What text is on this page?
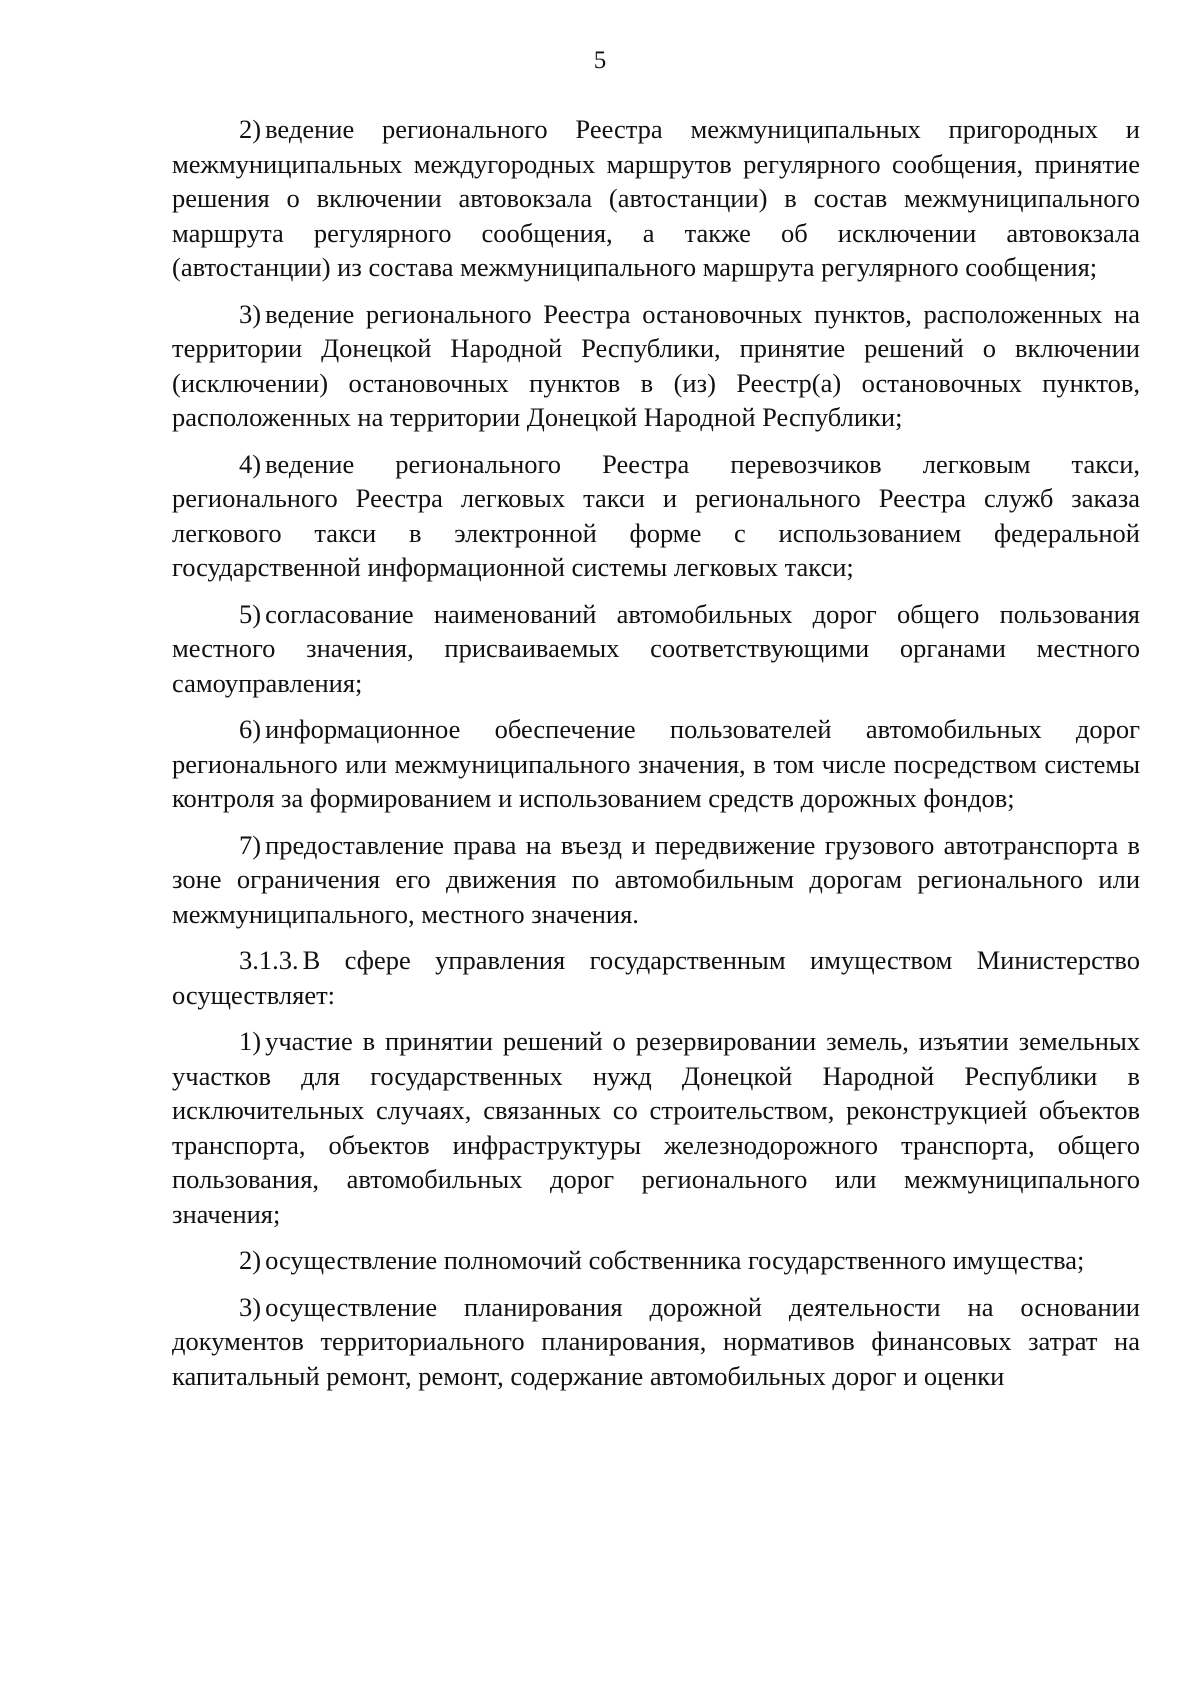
5

2) ведение регионального Реестра межмуниципальных пригородных и межмуниципальных междугородных маршрутов регулярного сообщения, принятие решения о включении автовокзала (автостанции) в состав межмуниципального маршрута регулярного сообщения, а также об исключении автовокзала (автостанции) из состава межмуниципального маршрута регулярного сообщения;

3) ведение регионального Реестра остановочных пунктов, расположенных на территории Донецкой Народной Республики, принятие решений о включении (исключении) остановочных пунктов в (из) Реестр(а) остановочных пунктов, расположенных на территории Донецкой Народной Республики;

4) ведение регионального Реестра перевозчиков легковым такси, регионального Реестра легковых такси и регионального Реестра служб заказа легкового такси в электронной форме с использованием федеральной государственной информационной системы легковых такси;

5) согласование наименований автомобильных дорог общего пользования местного значения, присваиваемых соответствующими органами местного самоуправления;

6) информационное обеспечение пользователей автомобильных дорог регионального или межмуниципального значения, в том числе посредством системы контроля за формированием и использованием средств дорожных фондов;

7) предоставление права на въезд и передвижение грузового автотранспорта в зоне ограничения его движения по автомобильным дорогам регионального или межмуниципального, местного значения.

3.1.3. В сфере управления государственным имуществом Министерство осуществляет:

1) участие в принятии решений о резервировании земель, изъятии земельных участков для государственных нужд Донецкой Народной Республики в исключительных случаях, связанных со строительством, реконструкцией объектов транспорта, объектов инфраструктуры железнодорожного транспорта, общего пользования, автомобильных дорог регионального или межмуниципального значения;

2) осуществление полномочий собственника государственного имущества;

3) осуществление планирования дорожной деятельности на основании документов территориального планирования, нормативов финансовых затрат на капитальный ремонт, ремонт, содержание автомобильных дорог и оценки
